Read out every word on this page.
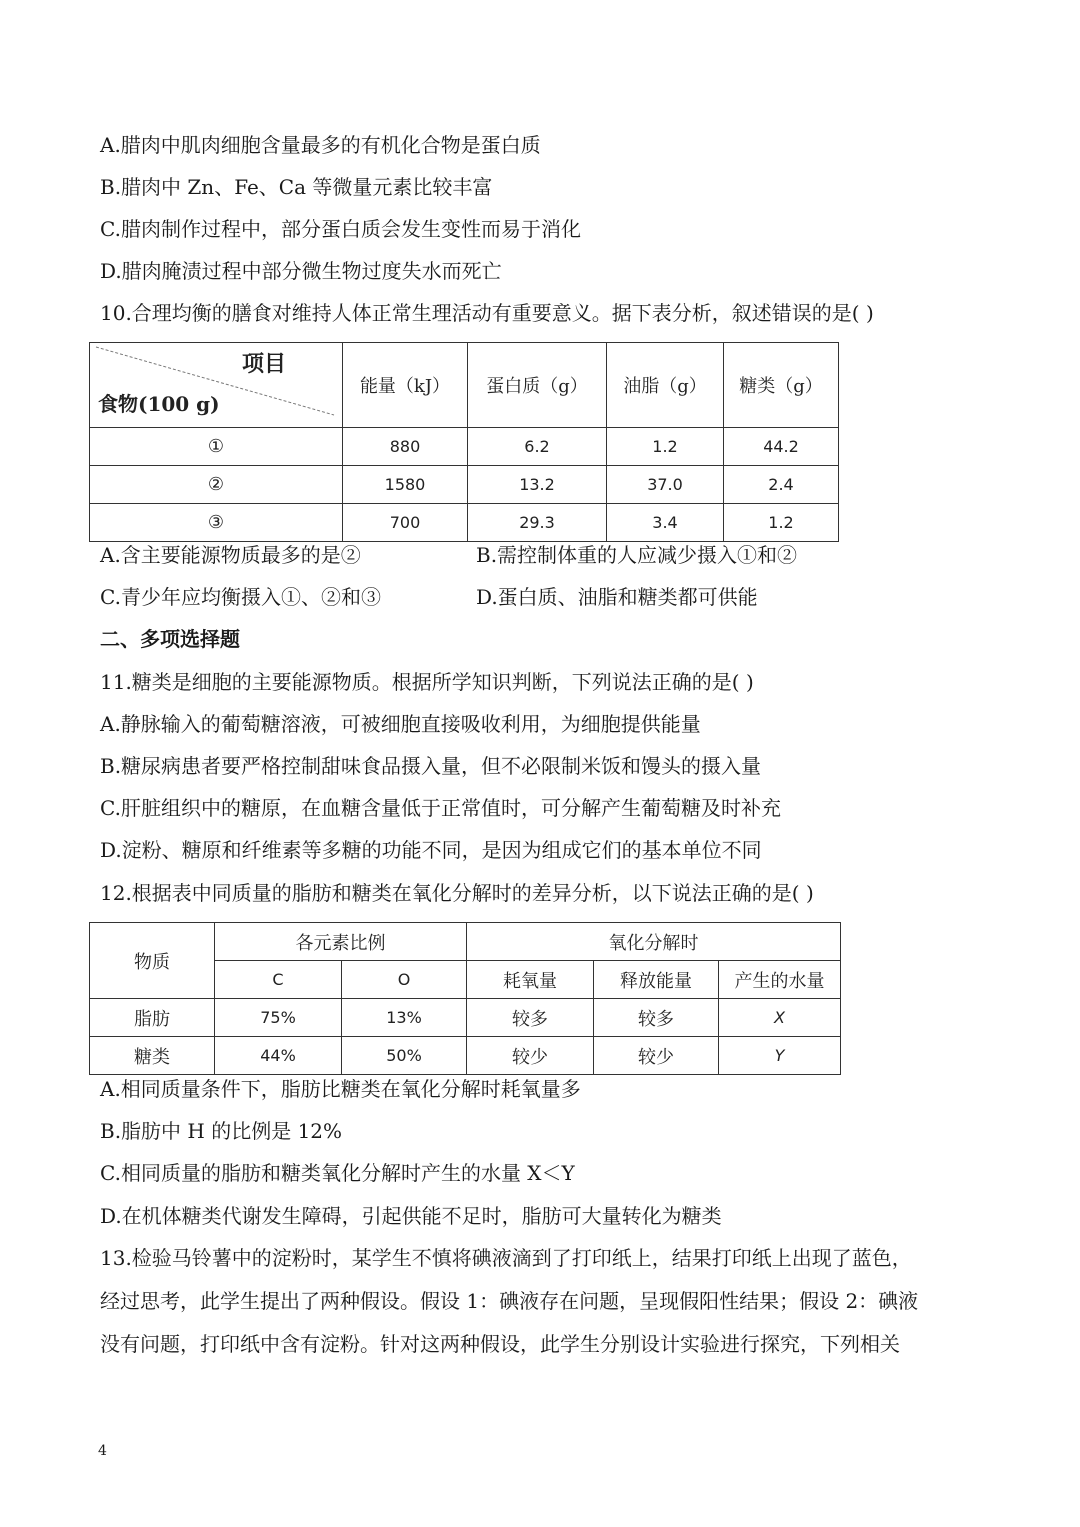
A.腊肉中肌肉细胞含量最多的有机化合物是蛋白质
B.腊肉中 Zn、Fe、Ca 等微量元素比较丰富
C.腊肉制作过程中，部分蛋白质会发生变性而易于消化
D.腊肉腌渍过程中部分微生物过度失水而死亡
10.合理均衡的膳食对维持人体正常生理活动有重要意义。据下表分析，叙述错误的是( )
项目
食物(100 g)	能量（kJ）	蛋白质（g）	油脂（g）	糖类（g）
①	880	6.2	1.2	44.2
②	1580	13.2	37.0	2.4
③	700	29.3	3.4	1.2
A.含主要能源物质最多的是②	B.需控制体重的人应减少摄入①和②
C.青少年应均衡摄入①、②和③	D.蛋白质、油脂和糖类都可供能
二、多项选择题
11.糖类是细胞的主要能源物质。根据所学知识判断，下列说法正确的是( )
A.静脉输入的葡萄糖溶液，可被细胞直接吸收利用，为细胞提供能量
B.糖尿病患者要严格控制甜味食品摄入量，但不必限制米饭和馒头的摄入量
C.肝脏组织中的糖原，在血糖含量低于正常值时，可分解产生葡萄糖及时补充
D.淀粉、糖原和纤维素等多糖的功能不同，是因为组成它们的基本单位不同
12.根据表中同质量的脂肪和糖类在氧化分解时的差异分析，以下说法正确的是( )
物质	各元素比例		氧化分解时		
	C	O	耗氧量	释放能量	产生的水量
脂肪	75%	13%	较多	较多	X
糖类	44%	50%	较少	较少	Y
A.相同质量条件下，脂肪比糖类在氧化分解时耗氧量多
B.脂肪中 H 的比例是 12%
C.相同质量的脂肪和糖类氧化分解时产生的水量 X＜Y
D.在机体糖类代谢发生障碍，引起供能不足时，脂肪可大量转化为糖类
13.检验马铃薯中的淀粉时，某学生不慎将碘液滴到了打印纸上，结果打印纸上出现了蓝色，
经过思考，此学生提出了两种假设。假设 1：碘液存在问题，呈现假阳性结果；假设 2：碘液
没有问题，打印纸中含有淀粉。针对这两种假设，此学生分别设计实验进行探究，下列相关
4
